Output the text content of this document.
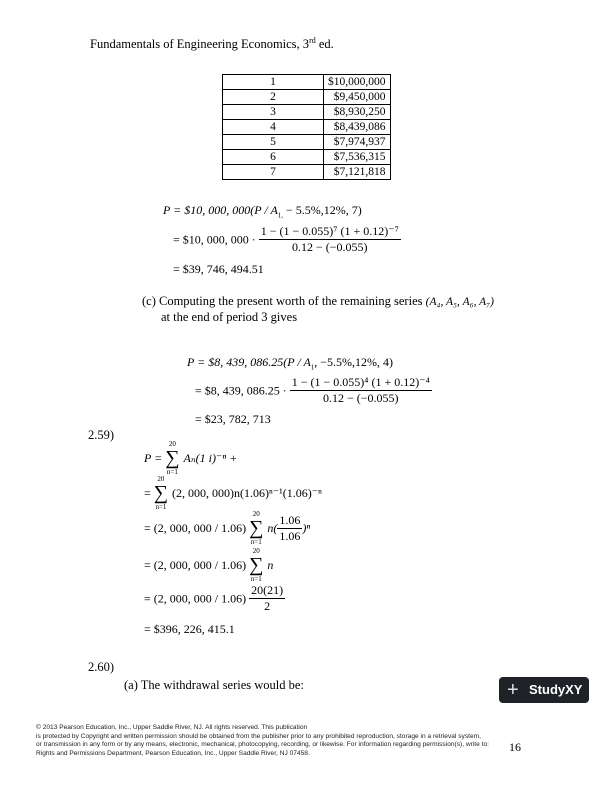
Fundamentals of Engineering Economics, 3rd ed.
1	$10,000,000
2	$9,450,000
3	$8,930,250
4	$8,439,086
5	$7,974,937
6	$7,536,315
7	$7,121,818
P = $10, 000, $000(P / A_{1,} - 5.5\%,12\%$, 7)
= $10, 000, $000 \cdot \frac{\text{1 − (1 − 0.055)⁷ (1 + 0.12)⁻⁷}}{0.12 - (-0.055)}$
= $39, 746, 494.51
(c) Computing the present worth of the remaining series (A₄, A₅, A₆, A₇)
at the end of period 3 gives
P = $8, 439, $086.25(P / A_1$, −5.5%,12%, 4)
= $8, 439, $086.25 \cdot \frac{\text{1 − (1 − 0.055)⁴ (1 + 0.12)⁻⁴}}{0.12 - (-0.055)}$
= $23, 782, 713
2.59)
P =
20
∑
n=1
Aₙ(1 i)⁻ⁿ +
=
20
∑
n=1
(2, 000, 000)n(1.06)ⁿ⁻¹(1.06)⁻ⁿ
= (2, 000, 000 / 1.06)
20
∑
n=1
$n( \frac{1.06}{1.06} )^n$
= (2, 000, 000 / 1.06)
20
∑
n=1
n
= (2, 000, $000 / 1.06) \frac{20(21)}{2}$
= $396, 226, 415.1
2.60)
(a) The withdrawal series would be:	+ StudyXY
© 2013 Pearson Education, Inc., Upper Saddle River, NJ. All rights reserved. This publication
is protected by Copyright and written permission should be obtained from the publisher prior to any prohibited reproduction, storage in a retrieval system,
or transmission in any form or by any means, electronic, mechanical, photocopying, recording, or likewise. For information regarding permission(s), write to:
Rights and Permissions Department, Pearson Education, Inc., Upper Saddle River, NJ 07458.	16
